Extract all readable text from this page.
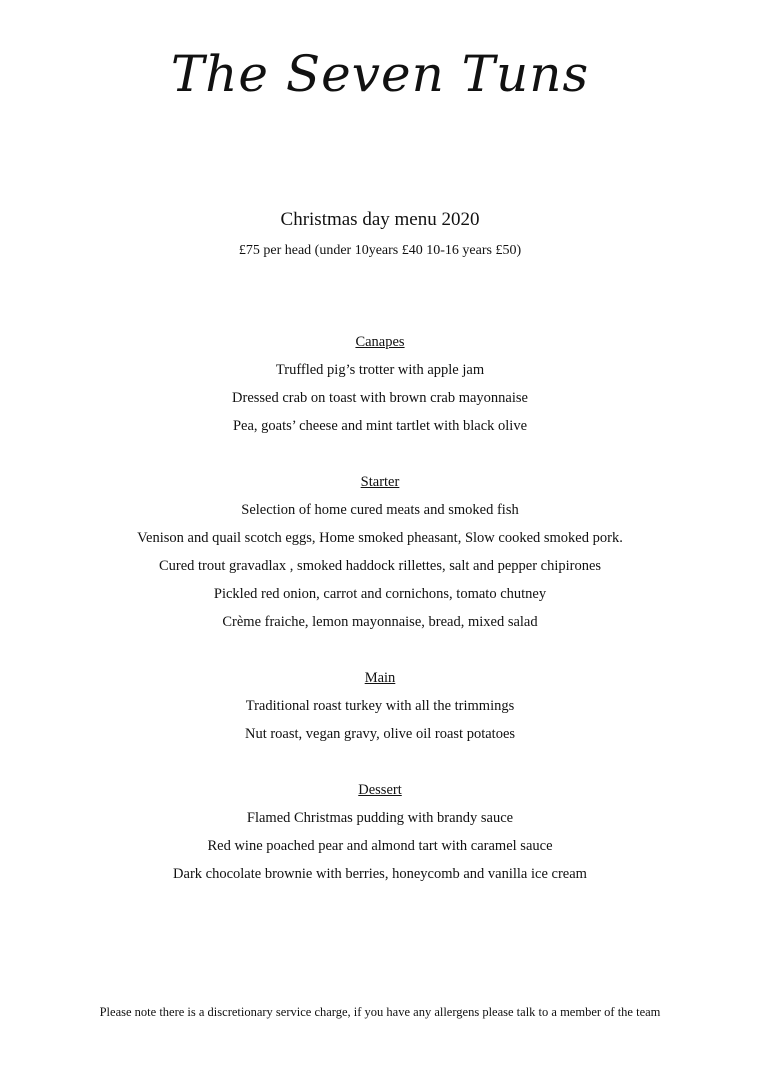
The Seven Tuns
Christmas day menu 2020
£75 per head (under 10years £40 10-16 years £50)
Canapes
Truffled pig’s trotter with apple jam
Dressed crab on toast with brown crab mayonnaise
Pea, goats’ cheese and mint tartlet with black olive
Starter
Selection of home cured meats and smoked fish
Venison and quail scotch eggs, Home smoked pheasant, Slow cooked smoked pork.
Cured trout gravadlax , smoked haddock rillettes, salt and pepper chipirones
Pickled red onion, carrot and cornichons, tomato chutney
Crème fraiche, lemon mayonnaise, bread, mixed salad
Main
Traditional roast turkey with all the trimmings
Nut roast, vegan gravy, olive oil roast potatoes
Dessert
Flamed Christmas pudding with brandy sauce
Red wine poached pear and almond tart with caramel sauce
Dark chocolate brownie with berries, honeycomb and vanilla ice cream
Please note there is a discretionary service charge, if you have any allergens please talk to a member of the team
